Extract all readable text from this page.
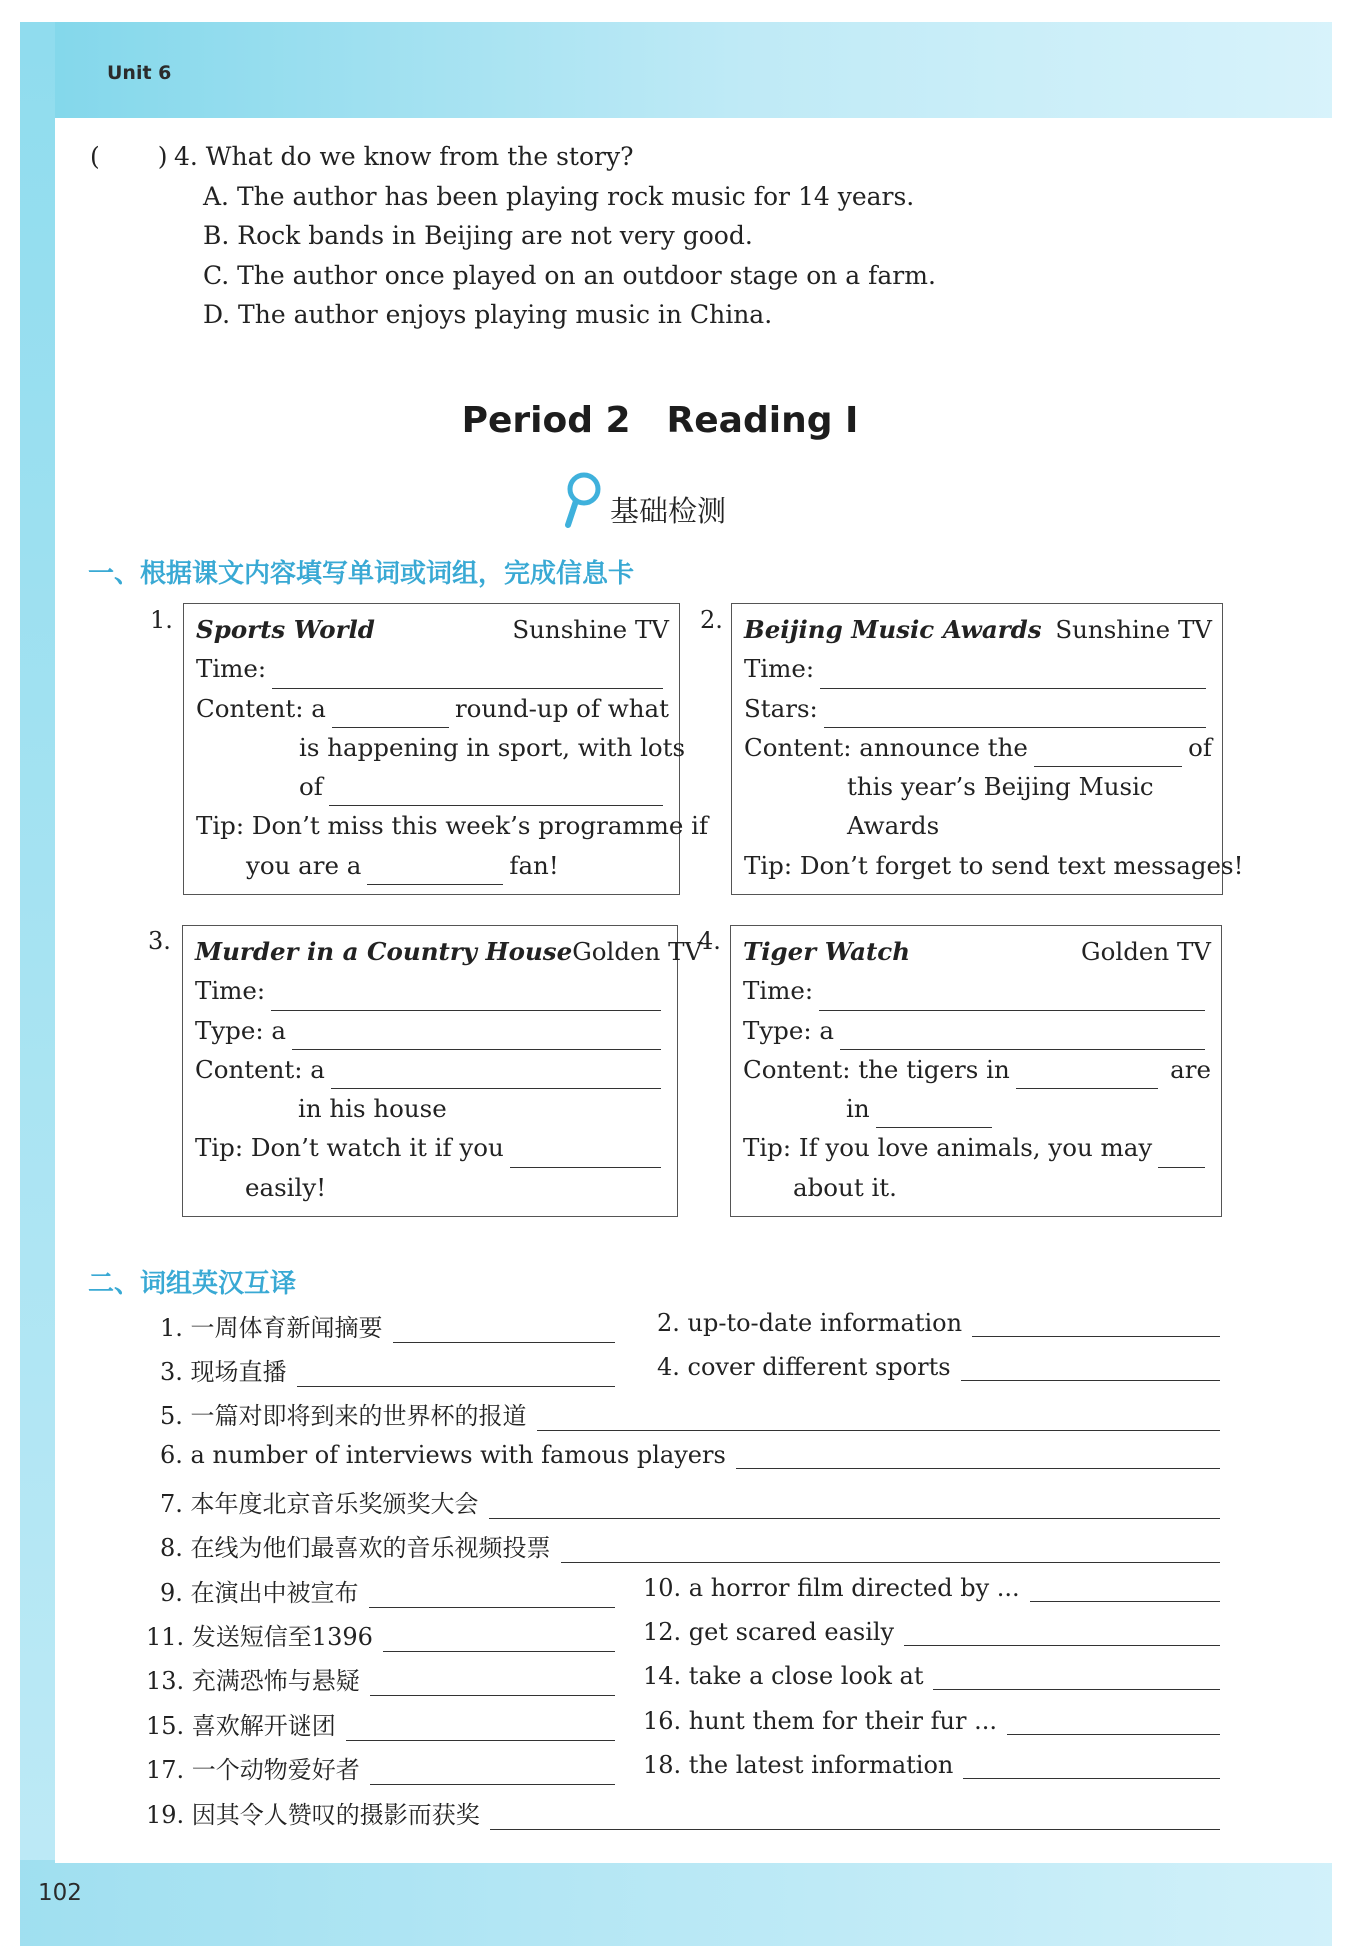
Unit 6
102
( ) 4. What do we know from the story?
A. The author has been playing rock music for 14 years.
B. Rock bands in Beijing are not very good.
C. The author once played on an outdoor stage on a farm.
D. The author enjoys playing music in China.
Period 2 Reading I
基础检测
一、根据课文内容填写单词或词组，完成信息卡
1. Sports World	Sunshine TV
Time:
Content: a	round-up of what
is happening in sport, with lots
of
Tip: Don’t miss this week’s programme if
you are a	fan!
2. Beijing Music Awards Sunshine TV
Time:
Stars:
Content: announce the	of
this year’s Beijing Music
Awards
Tip: Don’t forget to send text messages!
3. Murder in a Country House Golden TV
Time:
Type: a
Content: a
in his house
Tip: Don’t watch it if you
easily!
4. Tiger Watch	Golden TV
Time:
Type: a
Content: the tigers in	are
in
Tip: If you love animals, you may
about it.
二、词组英汉互译
1. 一周体育新闻摘要	2. up-to-date information
3. 现场直播	4. cover different sports
5. 一篇对即将到来的世界杯的报道
6. a number of interviews with famous players
7. 本年度北京音乐奖颁奖大会
8. 在线为他们最喜欢的音乐视频投票
9. 在演出中被宣布	10. a horror film directed by ...
11. 发送短信至1396	12. get scared easily
13. 充满恐怖与悬疑	14. take a close look at
15. 喜欢解开谜团	16. hunt them for their fur ...
17. 一个动物爱好者	18. the latest information
19. 因其令人赞叹的摄影而获奖
